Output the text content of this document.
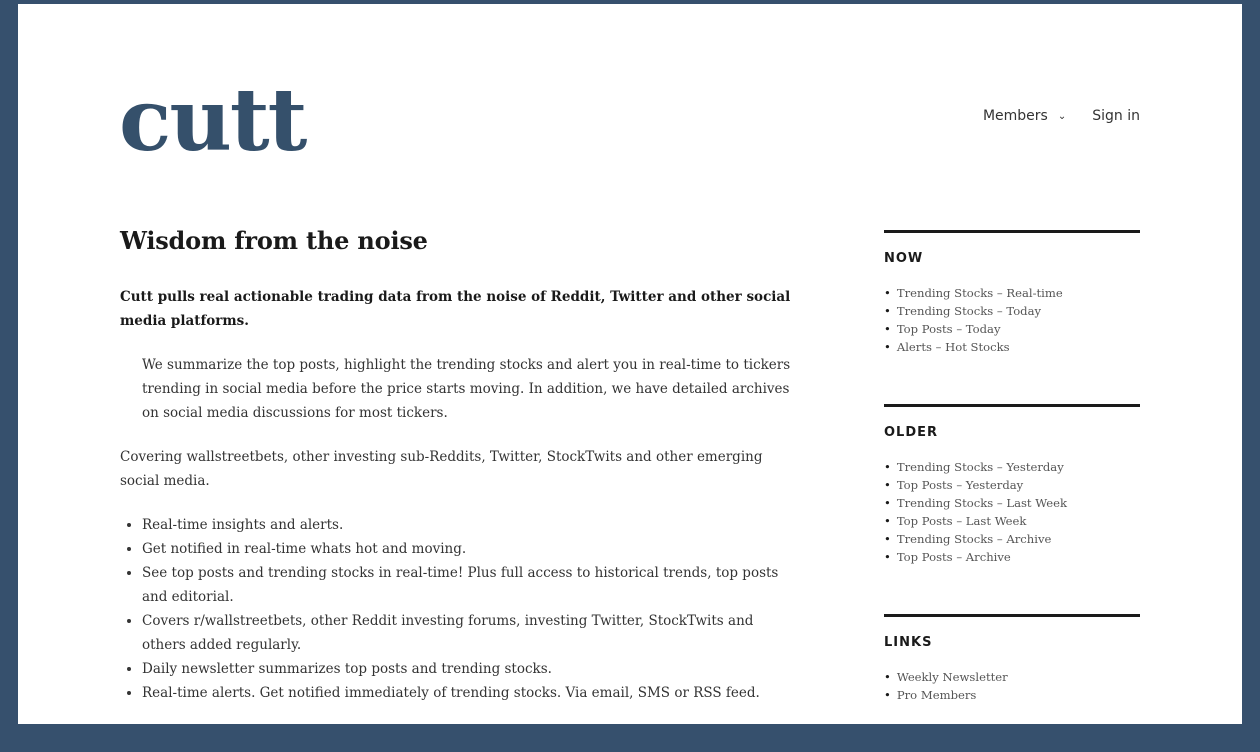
cutt	Members ⌄ Sign in
Wisdom from the noise

Cutt pulls real actionable trading data from the noise of Reddit, Twitter and other social media platforms.

We summarize the top posts, highlight the trending stocks and alert you in real-time to tickers trending in social media before the price starts moving. In addition, we have detailed archives on social media discussions for most tickers.

Covering wallstreetbets, other investing sub-Reddits, Twitter, StockTwits and other emerging social media.

• Real-time insights and alerts.
• Get notified in real-time whats hot and moving.
• See top posts and trending stocks in real-time! Plus full access to historical trends, top posts and editorial.
• Covers r/wallstreetbets, other Reddit investing forums, investing Twitter, StockTwits and others added regularly.
• Daily newsletter summarizes top posts and trending stocks.
• Real-time alerts. Get notified immediately of trending stocks. Via email, SMS or RSS feed.
NOW
• Trending Stocks – Real-time
• Trending Stocks – Today
• Top Posts – Today
• Alerts – Hot Stocks
OLDER
• Trending Stocks – Yesterday
• Top Posts – Yesterday
• Trending Stocks – Last Week
• Top Posts – Last Week
• Trending Stocks – Archive
• Top Posts – Archive
LINKS
• Weekly Newsletter
• Pro Members
